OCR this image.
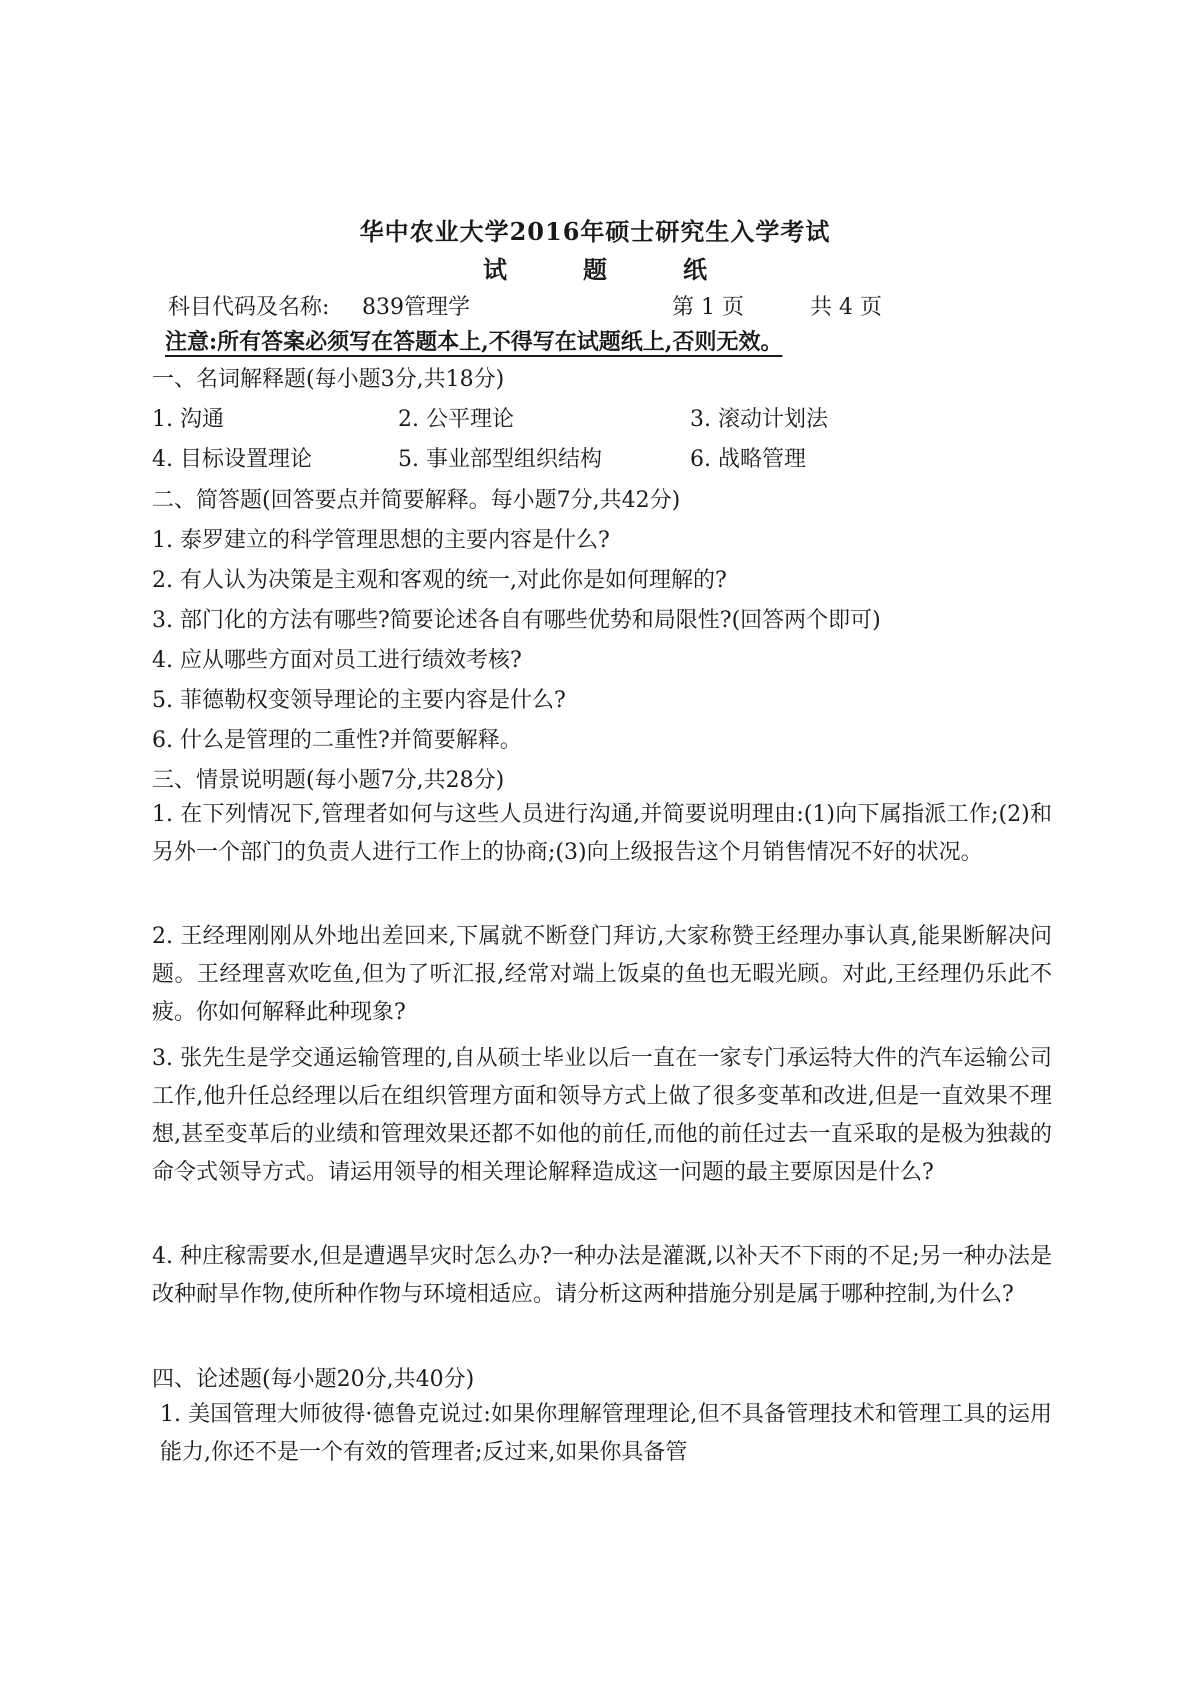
华中农业大学2016年硕士研究生入学考试
试	题	纸
科目代码及名称: 839管理学	第 1 页	共 4 页
注意:所有答案必须写在答题本上,不得写在试题纸上,否则无效。
一、名词解释题(每小题3分,共18分)
1. 沟通	2. 公平理论	3. 滚动计划法
4. 目标设置理论	5. 事业部型组织结构	6. 战略管理
二、简答题(回答要点并简要解释。每小题7分,共42分)
1. 泰罗建立的科学管理思想的主要内容是什么?
2. 有人认为决策是主观和客观的统一,对此你是如何理解的?
3. 部门化的方法有哪些?简要论述各自有哪些优势和局限性?(回答两个即可)
4. 应从哪些方面对员工进行绩效考核?
5. 菲德勒权变领导理论的主要内容是什么?
6. 什么是管理的二重性?并简要解释。
三、情景说明题(每小题7分,共28分)
1. 在下列情况下,管理者如何与这些人员进行沟通,并简要说明理由:(1)向下属指派工作;(2)和另外一个部门的负责人进行工作上的协商;(3)向上级报告这个月销售情况不好的状况。
2. 王经理刚刚从外地出差回来,下属就不断登门拜访,大家称赞王经理办事认真,能果断解决问题。王经理喜欢吃鱼,但为了听汇报,经常对端上饭桌的鱼也无暇光顾。对此,王经理仍乐此不疲。你如何解释此种现象?
3. 张先生是学交通运输管理的,自从硕士毕业以后一直在一家专门承运特大件的汽车运输公司工作,他升任总经理以后在组织管理方面和领导方式上做了很多变革和改进,但是一直效果不理想,甚至变革后的业绩和管理效果还都不如他的前任,而他的前任过去一直采取的是极为独裁的命令式领导方式。请运用领导的相关理论解释造成这一问题的最主要原因是什么?
4. 种庄稼需要水,但是遭遇旱灾时怎么办?一种办法是灌溉,以补天不下雨的不足;另一种办法是改种耐旱作物,使所种作物与环境相适应。请分析这两种措施分别是属于哪种控制,为什么?
四、论述题(每小题20分,共40分)
1. 美国管理大师彼得·德鲁克说过:如果你理解管理理论,但不具备管理技术和管理工具的运用能力,你还不是一个有效的管理者;反过来,如果你具备管
